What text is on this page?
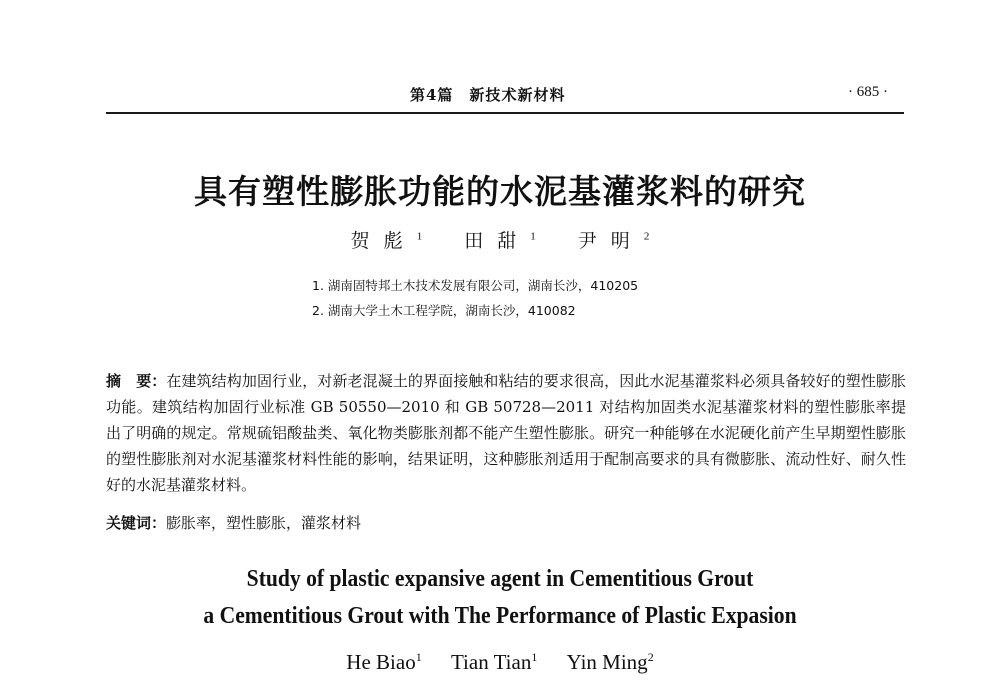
第4篇　新技术新材料	· 685 ·
具有塑性膨胀功能的水泥基灌浆料的研究
贺彪$^1$ 田甜$^1$ 尹明$^2$
1. 湖南固特邦土木技术发展有限公司，湖南长沙，410205
2. 湖南大学土木工程学院，湖南长沙，410082
摘　要：在建筑结构加固行业，对新老混凝土的界面接触和粘结的要求很高，因此水泥基灌浆料必须具备较好的塑性膨胀功能。建筑结构加固行业标准 GB 50550—2010 和 GB 50728—2011 对结构加固类水泥基灌浆材料的塑性膨胀率提出了明确的规定。常规硫铝酸盐类、氧化物类膨胀剂都不能产生塑性膨胀。研究一种能够在水泥硬化前产生早期塑性膨胀的塑性膨胀剂对水泥基灌浆材料性能的影响，结果证明，这种膨胀剂适用于配制高要求的具有微膨胀、流动性好、耐久性好的水泥基灌浆材料。
关键词：膨胀率，塑性膨胀，灌浆材料
Study of plastic expansive agent in Cementitious Grout
a Cementitious Grout with The Performance of Plastic Expasion
He Biao$^1$ Tian Tian$^1$ Yin Ming$^2$
